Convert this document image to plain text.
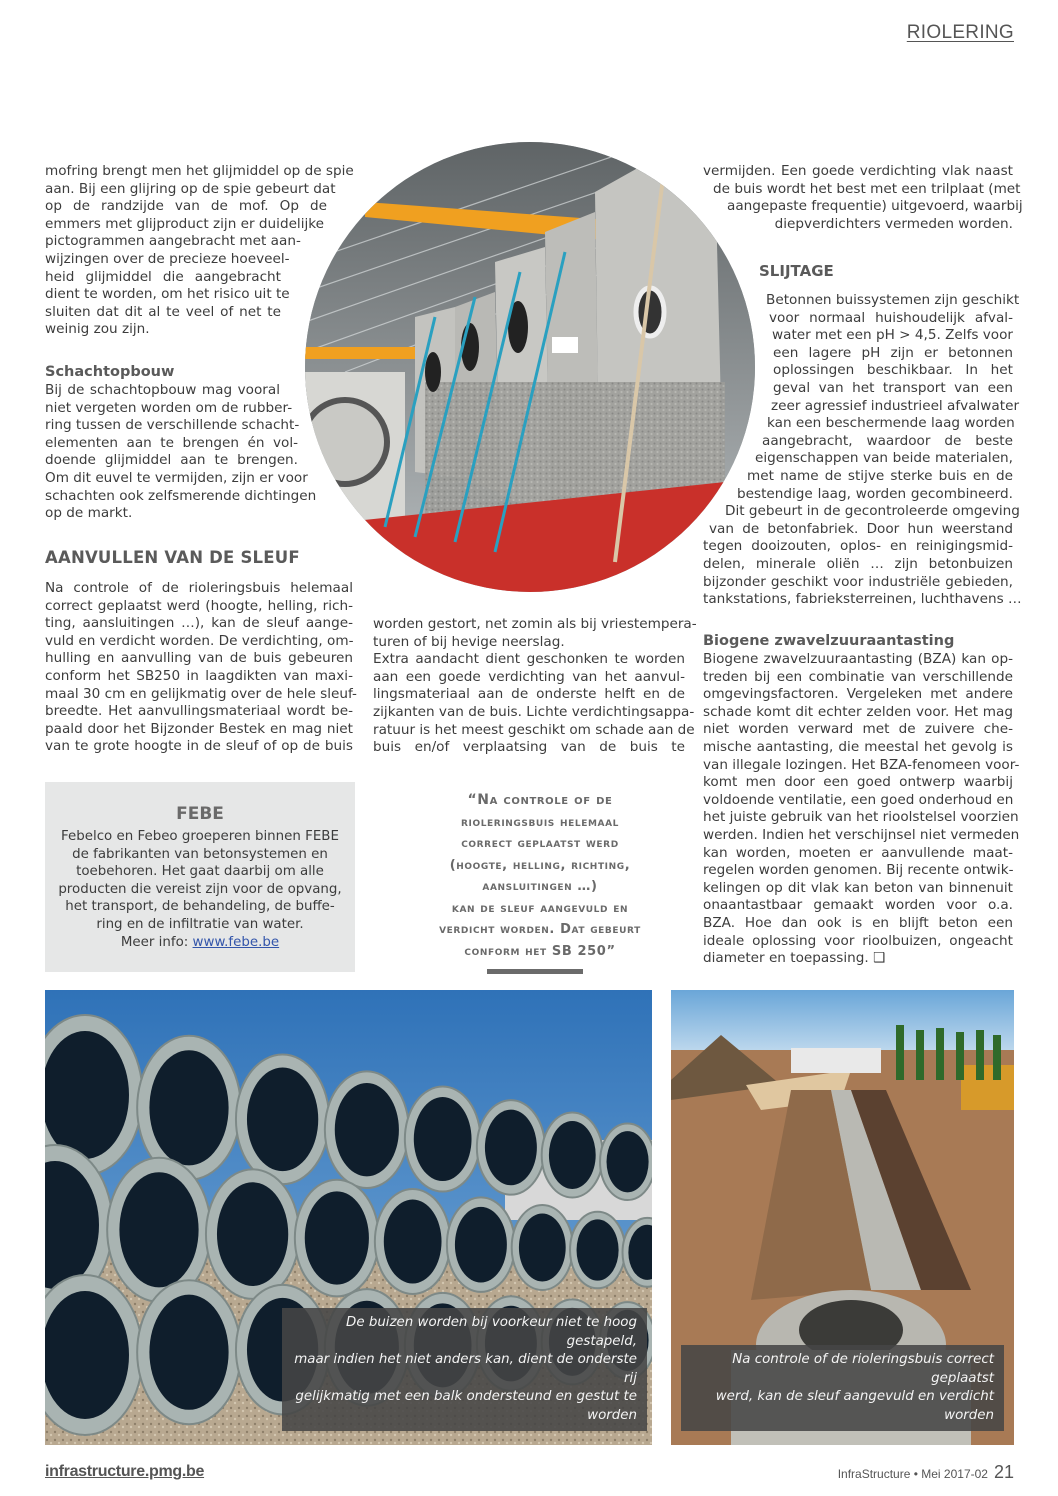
RIOLERING
mofring brengt men het glijmiddel op de spie
aan. Bij een glijring op de spie gebeurt dat
op de randzijde van de mof. Op de
emmers met glijproduct zijn er duidelijke
pictogrammen aangebracht met aan-
wijzingen over de precieze hoeveel-
heid glijmiddel die aangebracht
dient te worden, om het risico uit te
sluiten dat dit al te veel of net te
weinig zou zijn.
Schachtopbouw
Bij de schachtopbouw mag vooral
niet vergeten worden om de rubber-
ring tussen de verschillende schacht-
elementen aan te brengen én vol-
doende glijmiddel aan te brengen.
Om dit euvel te vermijden, zijn er voor
schachten ook zelfsmerende dichtingen
op de markt.
AANVULLEN VAN DE SLEUF
Na controle of de rioleringsbuis helemaal
correct geplaatst werd (hoogte, helling, rich-
ting, aansluitingen …), kan de sleuf aange-
vuld en verdicht worden. De verdichting, om-
hulling en aanvulling van de buis gebeuren
conform het SB250 in laagdikten van maxi-
maal 30 cm en gelijkmatig over de hele sleuf-
breedte. Het aanvullingsmateriaal wordt be-
paald door het Bijzonder Bestek en mag niet
van te grote hoogte in de sleuf of op de buis
worden gestort, net zomin als bij vriestempera-
turen of bij hevige neerslag.
Extra aandacht dient geschonken te worden
aan een goede verdichting van het aanvul-
lingsmateriaal aan de onderste helft en de
zijkanten van de buis. Lichte verdichtingsappa-
ratuur is het meest geschikt om schade aan de
buis en/of verplaatsing van de buis te
vermijden. Een goede verdichting vlak naast
de buis wordt het best met een trilplaat (met
aangepaste frequentie) uitgevoerd, waarbij
diepverdichters vermeden worden.
SLIJTAGE
Betonnen buissystemen zijn geschikt
voor normaal huishoudelijk afval-
water met een pH > 4,5. Zelfs voor
een lagere pH zijn er betonnen
oplossingen beschikbaar. In het
geval van het transport van een
zeer agressief industrieel afvalwater
kan een beschermende laag worden
aangebracht, waardoor de beste
eigenschappen van beide materialen,
met name de stijve sterke buis en de
bestendige laag, worden gecombineerd.
Dit gebeurt in de gecontroleerde omgeving
van de betonfabriek. Door hun weerstand
tegen dooizouten, oplos- en reinigingsmid-
delen, minerale oliën … zijn betonbuizen
bijzonder geschikt voor industriële gebieden,
tankstations, fabrieksterreinen, luchthavens …
Biogene zwavelzuuraantasting
Biogene zwavelzuuraantasting (BZA) kan op-
treden bij een combinatie van verschillende
omgevingsfactoren. Vergeleken met andere
schade komt dit echter zelden voor. Het mag
niet worden verward met de zuivere che-
mische aantasting, die meestal het gevolg is
van illegale lozingen. Het BZA-fenomeen voor-
komt men door een goed ontwerp waarbij
voldoende ventilatie, een goed onderhoud en
het juiste gebruik van het rioolstelsel voorzien
werden. Indien het verschijnsel niet vermeden
kan worden, moeten er aanvullende maat-
regelen worden genomen. Bij recente ontwik-
kelingen op dit vlak kan beton van binnenuit
onaantastbaar gemaakt worden voor o.a.
BZA. Hoe dan ook is en blijft beton een
ideale oplossing voor rioolbuizen, ongeacht
diameter en toepassing. ❑
FEBE
Febelco en Febeo groeperen binnen FEBE
de fabrikanten van betonsystemen en
toebehoren. Het gaat daarbij om alle
producten die vereist zijn voor de opvang,
het transport, de behandeling, de buffe-
ring en de infiltratie van water.
Meer info: www.febe.be
“Na controle of de
rioleringsbuis helemaal
correct geplaatst werd
(hoogte, helling, richting,
aansluitingen …)
kan de sleuf aangevuld en
verdicht worden. Dat gebeurt
conform het SB 250”
De buizen worden bij voorkeur niet te hoog gestapeld,
maar indien het niet anders kan, dient de onderste rij
gelijkmatig met een balk ondersteund en gestut te worden
Na controle of de rioleringsbuis correct geplaatst
werd, kan de sleuf aangevuld en verdicht worden
infrastructure.pmg.be	InfraStructure • Mei 2017-02 21
